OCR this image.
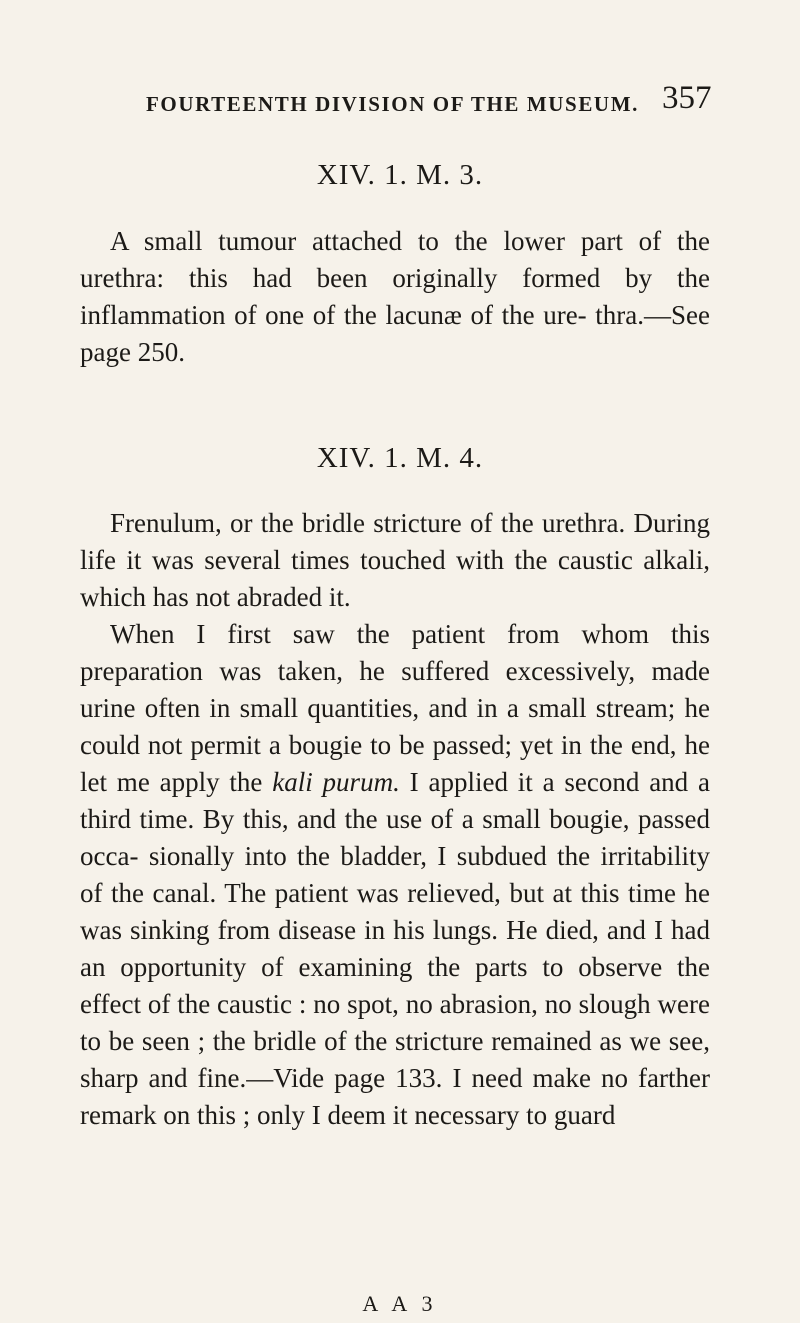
FOURTEENTH DIVISION OF THE MUSEUM. 357
XIV. 1. M. 3.

A small tumour attached to the lower part of the urethra: this had been originally formed by the inflammation of one of the lacunæ of the ure- thra.—See page 250.

XIV. 1. M. 4.

Frenulum, or the bridle stricture of the urethra. During life it was several times touched with the caustic alkali, which has not abraded it.

When I first saw the patient from whom this preparation was taken, he suffered excessively, made urine often in small quantities, and in a small stream; he could not permit a bougie to be passed; yet in the end, he let me apply the kali purum. I applied it a second and a third time. By this, and the use of a small bougie, passed occa- sionally into the bladder, I subdued the irritability of the canal. The patient was relieved, but at this time he was sinking from disease in his lungs. He died, and I had an opportunity of examining the parts to observe the effect of the caustic : no spot, no abrasion, no slough were to be seen ; the bridle of the stricture remained as we see, sharp and fine.—Vide page 133. I need make no farther remark on this ; only I deem it necessary to guard

A A 3
